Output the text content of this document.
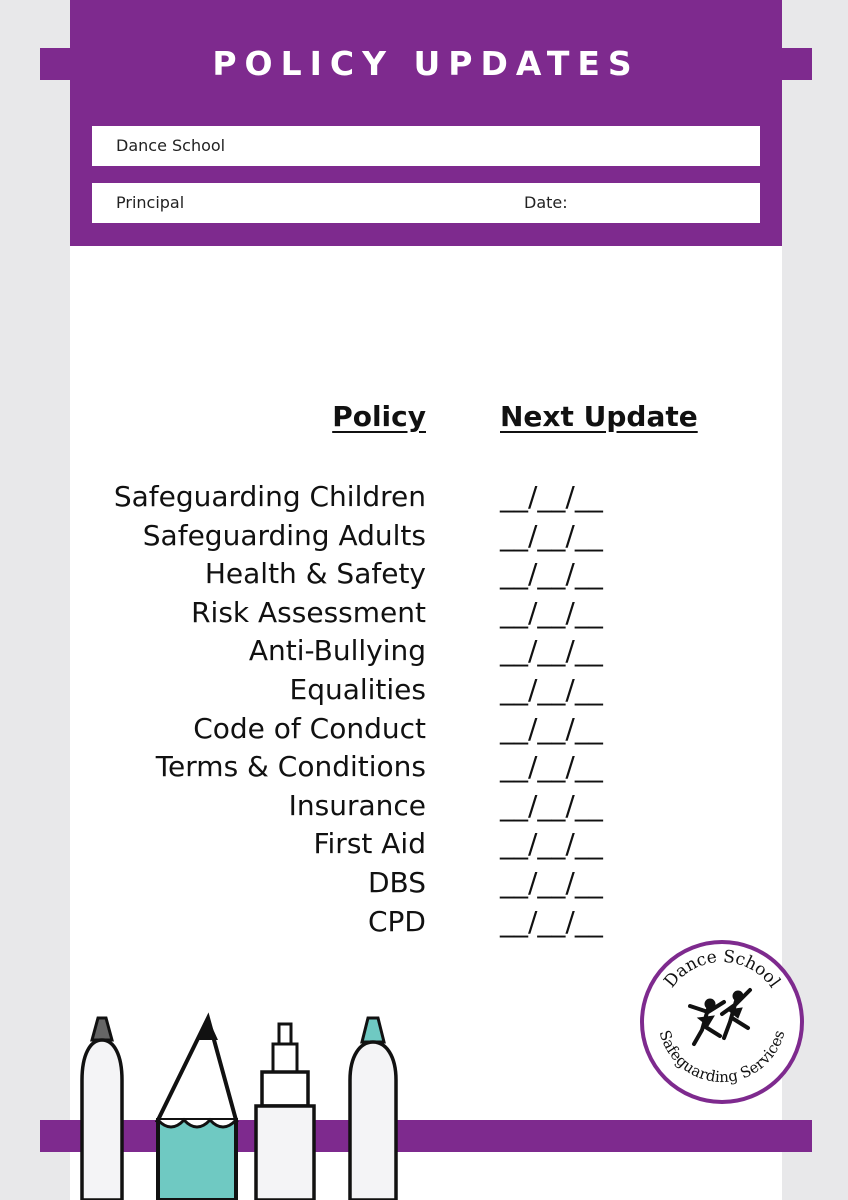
POLICY UPDATES
Dance School
Principal	Date:
Policy	Next Update
Safeguarding Children
Safeguarding Adults
Health & Safety
Risk Assessment
Anti-Bullying
Equalities
Code of Conduct
Terms & Conditions
Insurance
First Aid
DBS
CPD
__/__/__
__/__/__
__/__/__
__/__/__
__/__/__
__/__/__
__/__/__
__/__/__
__/__/__
__/__/__
__/__/__
__/__/__
Dance School
Safeguarding Services
